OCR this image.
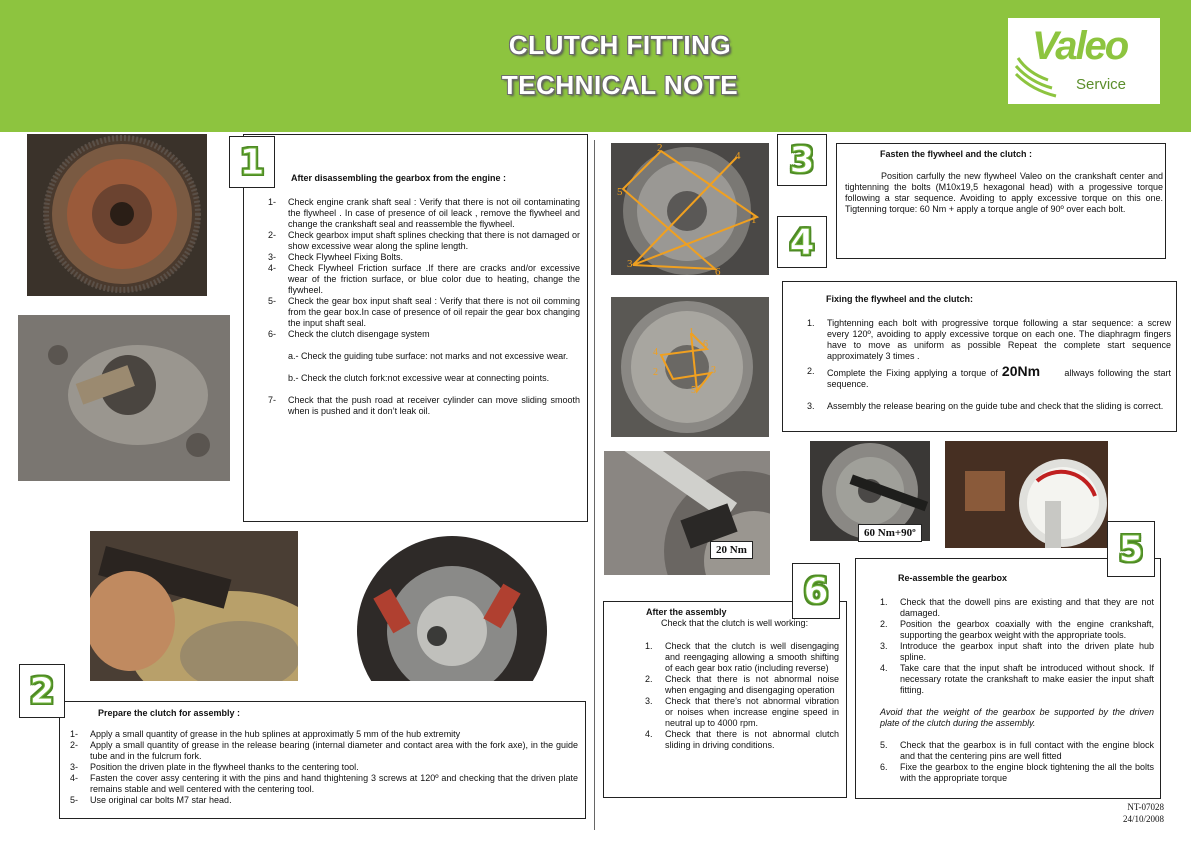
CLUTCH FITTING
TECHNICAL NOTE
Valeo
Service
1	After disassembling the gearbox from the engine :
1- Check engine crank shaft seal : Verify that there is not oil contaminating the flywheel . In case of presence of oil leack , remove the flywheel and change the crankshaft seal and reassemble the flywheel.
2- Check gearbox imput shaft splines checking that there is not damaged or show excessive wear along the spline length.
3- Check Flywheel Fixing Bolts.
4- Check Flywheel Friction surface .If there are cracks and/or excessive wear of the friction surface, or blue color due to heating, change the flywheel.
5- Check the gear box input shaft seal : Verify that there is not oil comming from the gear box.In case of presence of oil repair the gear box changing the input shaft seal.
6- Check the clutch disengage system
a.- Check the guiding tube surface: not marks and not excessive wear.
b.- Check the clutch fork:not excessive wear at connecting points.
7- Check that the push road at receiver cylinder can move sliding smooth when is pushed and it don’t leak oil.
2
Prepare the clutch for assembly :
1- Apply a small quantity of grease in the hub splines at approximatly 5 mm of the hub extremity
2- Apply a small quantity of grease in the release bearing (internal diameter and contact area with the fork axe), in the guide tube and in the fulcrum fork.
3- Position the driven plate in the flywheel thanks to the centering tool.
4- Fasten the cover assy centering it with the pins and hand thightening 3 screws at 120º and checking that the driven plate remains stable and well centered with the centering tool.
5- Use original car bolts M7 star head.
2
4
1
5
3
6
1
6
4
2	3
5
3	Fasten the flywheel and the clutch :
Position carfully the new flywheel Valeo on the crankshaft center and tightenning the bolts (M10x19,5 hexagonal head) with a progessive torque following a star sequence. Avoiding to apply excessive torque on this one. Tigtenning torque: 60 Nm + apply a torque angle of 90º over each bolt.
4
Fixing the flywheel and the clutch:
1. Tightenning each bolt with progressive torque following a star sequence: a screw every 120º, avoiding to apply excessive torque on each one. The diaphragm fingers have to move as uniform as possible Repeat the complete start sequence approximately 3 times .
2. Complete the Fixing applying a torque of 20Nm	allways following the start sequence.
3. Assembly the release bearing on the guide tube and check that the sliding is correct.
20 Nm
60 Nm+90º	5
Re-assemble the gearbox
1. Check that the dowell pins are existing and that they are not damaged.
2. Position the gearbox coaxially with the engine crankshaft, supporting the gearbox weight with the appropriate tools.
3. Introduce the gearbox input shaft into the driven plate hub spline.
4. Take care that the input shaft be introduced without shock. If necessary rotate the crankshaft to make easier the input shaft fitting.
Avoid that the weight of the gearbox be supported by the driven plate of the clutch during the assembly.
5. Check that the gearbox is in full contact with the engine block and that the centering pins are well fitted
6. Fixe the gearbox to the engine block tightening the all the bolts with the appropriate torque
6
After the assembly
Check that the clutch is well working:
1. Check that the clutch is well disengaging and reengaging allowing a smooth shifting of each gear box ratio (including reverse)
2. Check that there is not abnormal noise when engaging and disengaging operation
3. Check that there’s not abnormal vibration or noises when increase engine speed in neutral up to 4000 rpm.
4. Check that there is not abnormal clutch sliding in driving conditions.
NT-07028
24/10/2008
